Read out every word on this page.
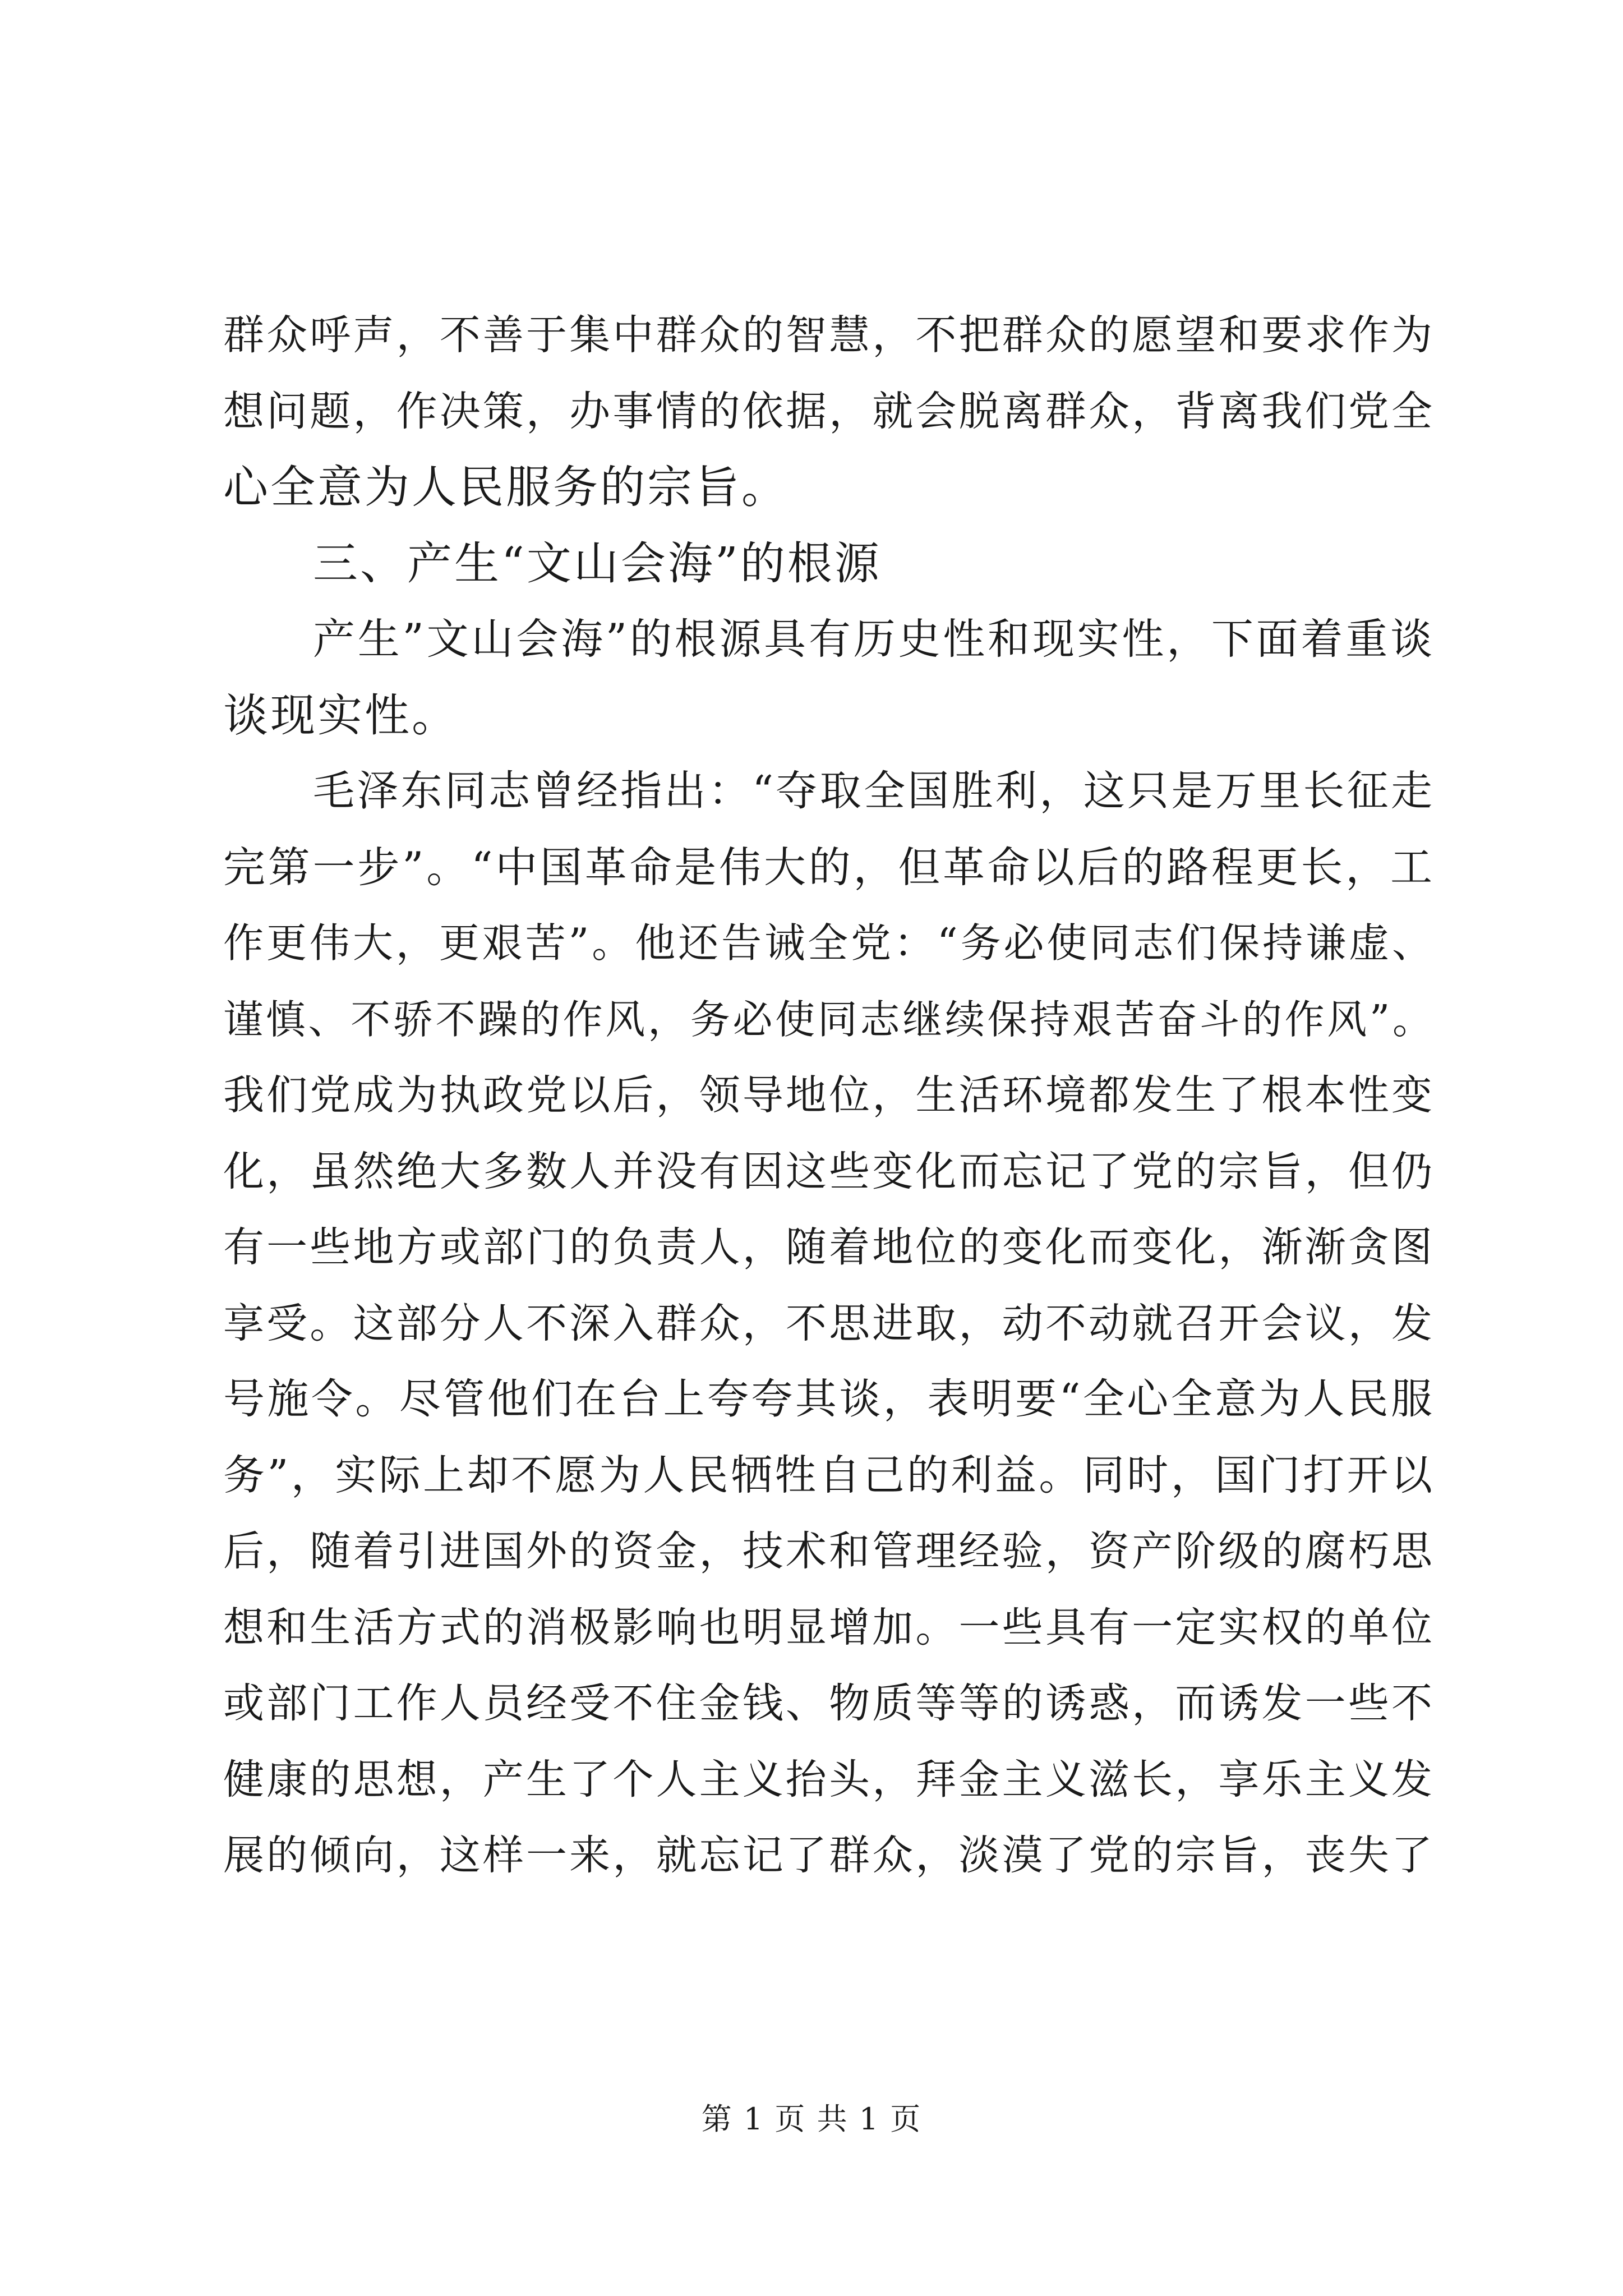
群众呼声，不善于集中群众的智慧，不把群众的愿望和要求作为
想问题，作决策，办事情的依据，就会脱离群众，背离我们党全
心全意为人民服务的宗旨。
三、产生“文山会海”的根源
产生”文山会海”的根源具有历史性和现实性，下面着重谈
谈现实性。
毛泽东同志曾经指出：“夺取全国胜利，这只是万里长征走
完第一步”。“中国革命是伟大的，但革命以后的路程更长，工
作更伟大，更艰苦”。他还告诫全党：“务必使同志们保持谦虚、
谨慎、不骄不躁的作风，务必使同志继续保持艰苦奋斗的作风”。
我们党成为执政党以后，领导地位，生活环境都发生了根本性变
化，虽然绝大多数人并没有因这些变化而忘记了党的宗旨，但仍
有一些地方或部门的负责人，随着地位的变化而变化，渐渐贪图
享受。这部分人不深入群众，不思进取，动不动就召开会议，发
号施令。尽管他们在台上夸夸其谈，表明要“全心全意为人民服
务”，实际上却不愿为人民牺牲自己的利益。同时，国门打开以
后，随着引进国外的资金，技术和管理经验，资产阶级的腐朽思
想和生活方式的消极影响也明显增加。一些具有一定实权的单位
或部门工作人员经受不住金钱、物质等等的诱惑，而诱发一些不
健康的思想，产生了个人主义抬头，拜金主义滋长，享乐主义发
展的倾向，这样一来，就忘记了群众，淡漠了党的宗旨，丧失了
第 1 页 共 1 页
